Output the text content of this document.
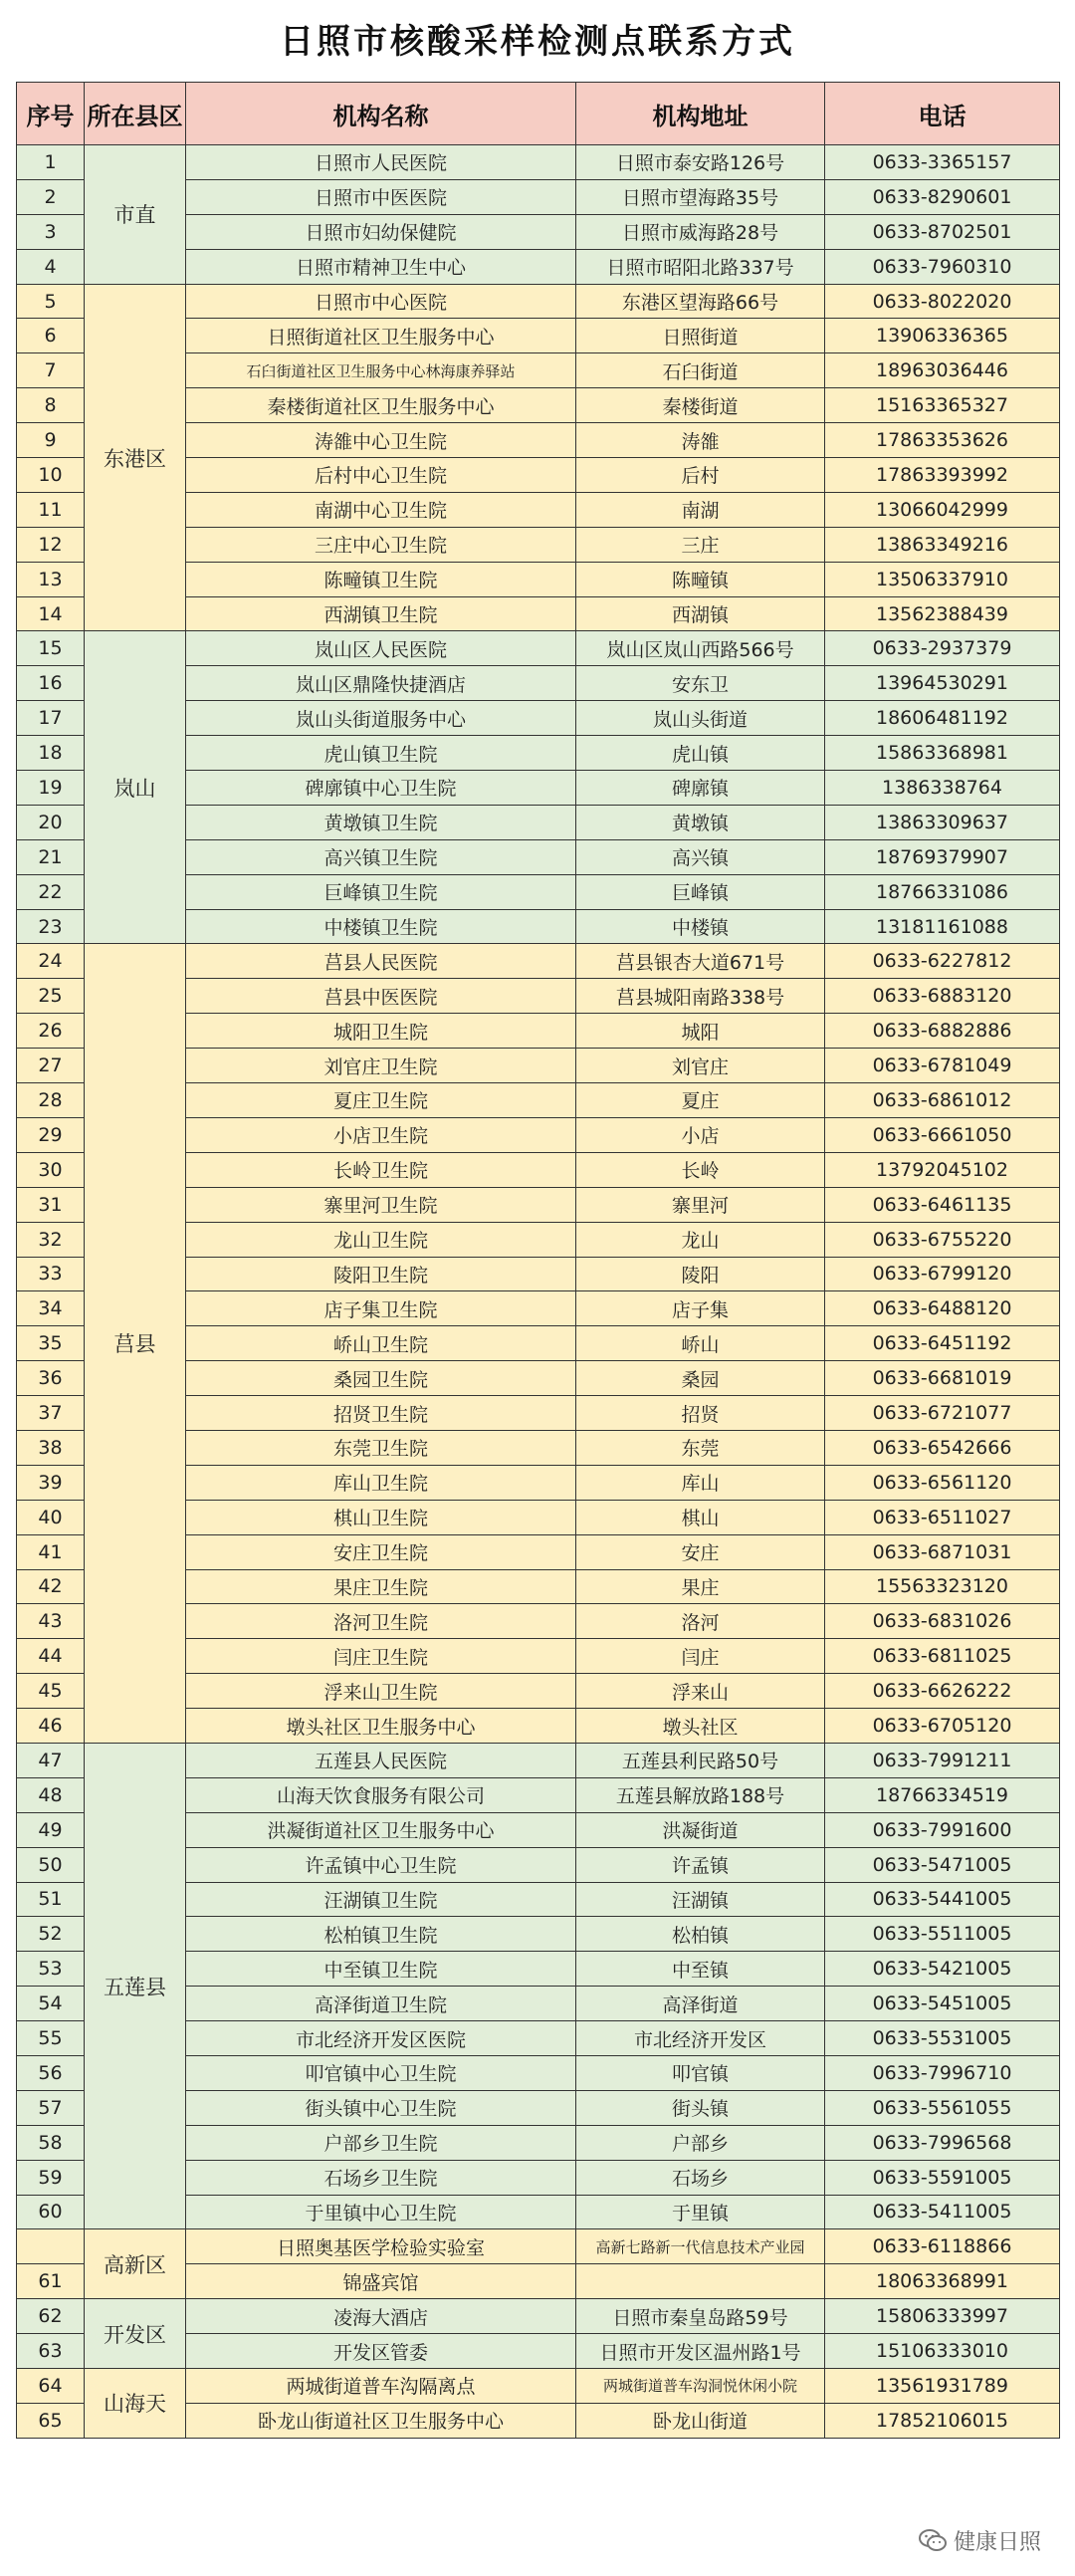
日照市核酸采样检测点联系方式
序号	所在县区	机构名称	机构地址	电话
1	市直	日照市人民医院	日照市泰安路126号	0633-3365157
2		日照市中医医院	日照市望海路35号	0633-8290601
3		日照市妇幼保健院	日照市威海路28号	0633-8702501
4		日照市精神卫生中心	日照市昭阳北路337号	0633-7960310
5	东港区	日照市中心医院	东港区望海路66号	0633-8022020
6		日照街道社区卫生服务中心	日照街道	13906336365
7		石臼街道社区卫生服务中心林海康养驿站	石臼街道	18963036446
8		秦楼街道社区卫生服务中心	秦楼街道	15163365327
9		涛雒中心卫生院	涛雒	17863353626
10		后村中心卫生院	后村	17863393992
11		南湖中心卫生院	南湖	13066042999
12		三庄中心卫生院	三庄	13863349216
13		陈疃镇卫生院	陈疃镇	13506337910
14		西湖镇卫生院	西湖镇	13562388439
15	岚山	岚山区人民医院	岚山区岚山西路566号	0633-2937379
16		岚山区鼎隆快捷酒店	安东卫	13964530291
17		岚山头街道服务中心	岚山头街道	18606481192
18		虎山镇卫生院	虎山镇	15863368981
19		碑廓镇中心卫生院	碑廓镇	1386338764
20		黄墩镇卫生院	黄墩镇	13863309637
21		高兴镇卫生院	高兴镇	18769379907
22		巨峰镇卫生院	巨峰镇	18766331086
23		中楼镇卫生院	中楼镇	13181161088
24	莒县	莒县人民医院	莒县银杏大道671号	0633-6227812
25		莒县中医医院	莒县城阳南路338号	0633-6883120
26		城阳卫生院	城阳	0633-6882886
27		刘官庄卫生院	刘官庄	0633-6781049
28		夏庄卫生院	夏庄	0633-6861012
29		小店卫生院	小店	0633-6661050
30		长岭卫生院	长岭	13792045102
31		寨里河卫生院	寨里河	0633-6461135
32		龙山卫生院	龙山	0633-6755220
33		陵阳卫生院	陵阳	0633-6799120
34		店子集卫生院	店子集	0633-6488120
35		峤山卫生院	峤山	0633-6451192
36		桑园卫生院	桑园	0633-6681019
37		招贤卫生院	招贤	0633-6721077
38		东莞卫生院	东莞	0633-6542666
39		库山卫生院	库山	0633-6561120
40		棋山卫生院	棋山	0633-6511027
41		安庄卫生院	安庄	0633-6871031
42		果庄卫生院	果庄	15563323120
43		洛河卫生院	洛河	0633-6831026
44		闫庄卫生院	闫庄	0633-6811025
45		浮来山卫生院	浮来山	0633-6626222
46		墩头社区卫生服务中心	墩头社区	0633-6705120
47	五莲县	五莲县人民医院	五莲县利民路50号	0633-7991211
48		山海天饮食服务有限公司	五莲县解放路188号	18766334519
49		洪凝街道社区卫生服务中心	洪凝街道	0633-7991600
50		许孟镇中心卫生院	许孟镇	0633-5471005
51		汪湖镇卫生院	汪湖镇	0633-5441005
52		松柏镇卫生院	松柏镇	0633-5511005
53		中至镇卫生院	中至镇	0633-5421005
54		高泽街道卫生院	高泽街道	0633-5451005
55		市北经济开发区医院	市北经济开发区	0633-5531005
56		叩官镇中心卫生院	叩官镇	0633-7996710
57		街头镇中心卫生院	街头镇	0633-5561055
58		户部乡卫生院	户部乡	0633-7996568
59		石场乡卫生院	石场乡	0633-5591005
60		于里镇中心卫生院	于里镇	0633-5411005
	高新区	日照奥基医学检验实验室	高新七路新一代信息技术产业园	0633-6118866
61		锦盛宾馆		18063368991
62	开发区	凌海大酒店	日照市秦皇岛路59号	15806333997
63		开发区管委	日照市开发区温州路1号	15106333010
64	山海天	两城街道普车沟隔离点	两城街道普车沟洞悦休闲小院	13561931789
65		卧龙山街道社区卫生服务中心	卧龙山街道	17852106015
健康日照
